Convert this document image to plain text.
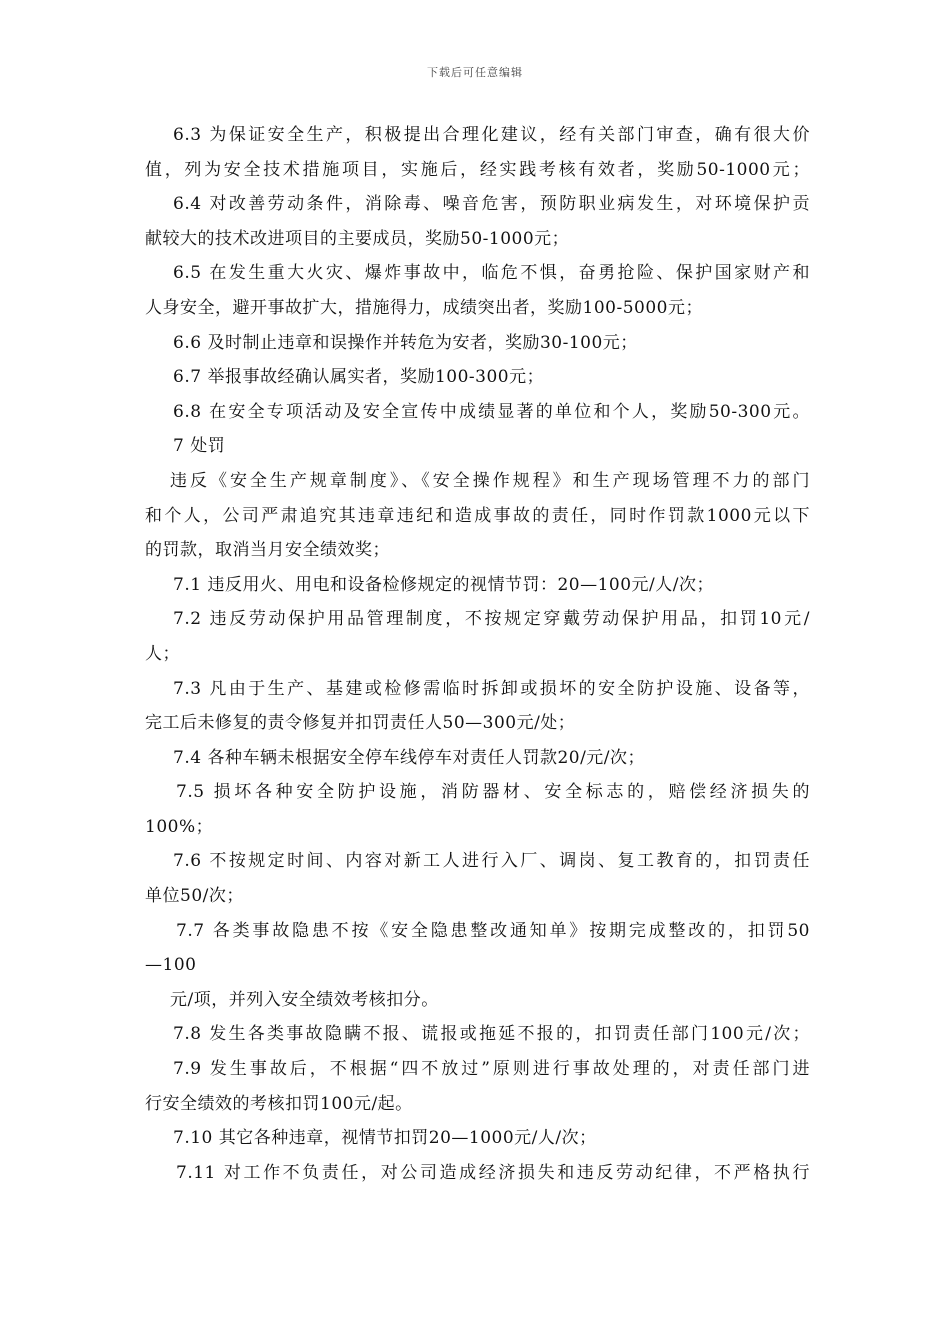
下载后可任意编辑
6.3 为保证安全生产，积极提出合理化建议，经有关部门审查，确有很大价
值，列为安全技术措施项目，实施后，经实践考核有效者，奖励50-1000元；
6.4 对改善劳动条件，消除毒、噪音危害，预防职业病发生，对环境保护贡
献较大的技术改进项目的主要成员，奖励50-1000元；
6.5 在发生重大火灾、爆炸事故中，临危不惧，奋勇抢险、保护国家财产和
人身安全，避开事故扩大，措施得力，成绩突出者，奖励100-5000元；
6.6 及时制止违章和误操作并转危为安者，奖励30-100元；
6.7 举报事故经确认属实者，奖励100-300元；
6.8 在安全专项活动及安全宣传中成绩显著的单位和个人，奖励50-300元。
7 处罚
违反《安全生产规章制度》、《安全操作规程》和生产现场管理不力的部门
和个人，公司严肃追究其违章违纪和造成事故的责任，同时作罚款1000元以下
的罚款，取消当月安全绩效奖；
7.1 违反用火、用电和设备检修规定的视情节罚：20—100元/人/次；
7.2 违反劳动保护用品管理制度，不按规定穿戴劳动保护用品，扣罚10元/
人；
7.3 凡由于生产、基建或检修需临时拆卸或损坏的安全防护设施、设备等，
完工后未修复的责令修复并扣罚责任人50—300元/处；
7.4 各种车辆未根据安全停车线停车对责任人罚款20/元/次；
7.5 损坏各种安全防护设施，消防器材、安全标志的，赔偿经济损失的
100%；
7.6 不按规定时间、内容对新工人进行入厂、调岗、复工教育的，扣罚责任
单位50/次；
7.7 各类事故隐患不按《安全隐患整改通知单》按期完成整改的，扣罚50
—100
元/项，并列入安全绩效考核扣分。
7.8 发生各类事故隐瞒不报、谎报或拖延不报的，扣罚责任部门100元/次；
7.9 发生事故后，不根据“四不放过”原则进行事故处理的，对责任部门进
行安全绩效的考核扣罚100元/起。
7.10 其它各种违章，视情节扣罚20—1000元/人/次；
7.11 对工作不负责任，对公司造成经济损失和违反劳动纪律，不严格执行
